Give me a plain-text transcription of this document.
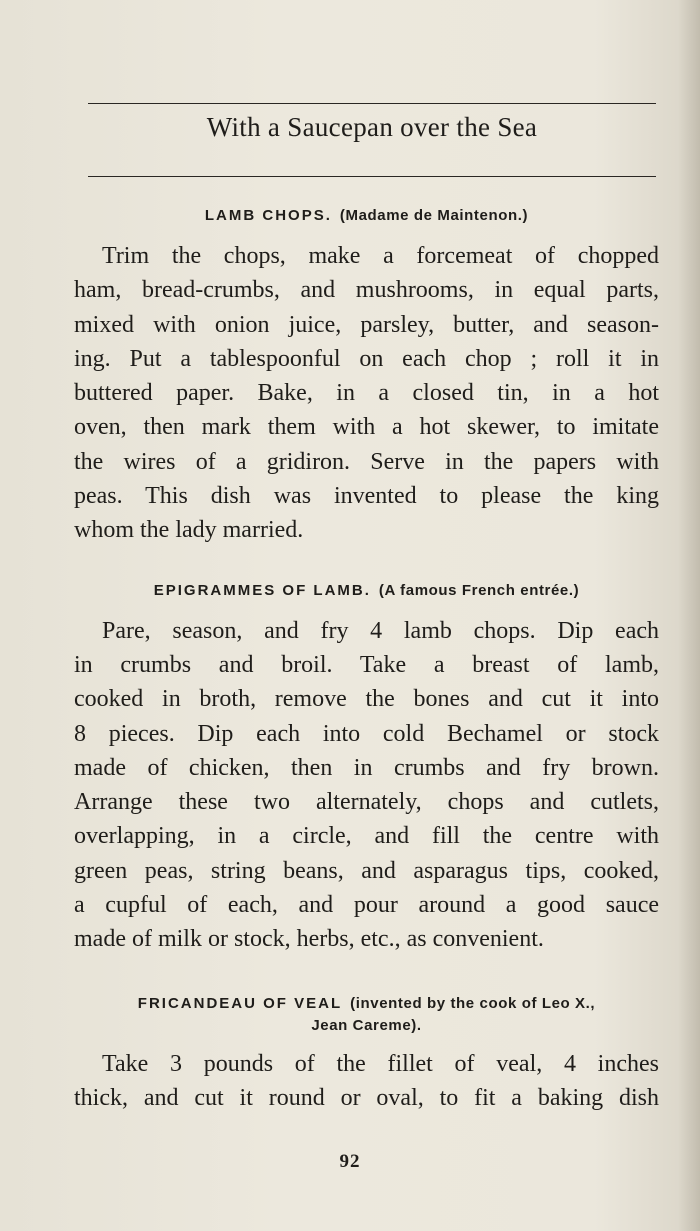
With a Saucepan over the Sea

LAMB CHOPS. (Madame de Maintenon.)

Trim the chops, make a forcemeat of chopped
ham, bread-crumbs, and mushrooms, in equal parts,
mixed with onion juice, parsley, butter, and season-
ing. Put a tablespoonful on each chop ; roll it in
buttered paper. Bake, in a closed tin, in a hot
oven, then mark them with a hot skewer, to imitate
the wires of a gridiron. Serve in the papers with
peas. This dish was invented to please the king
whom the lady married.

EPIGRAMMES OF LAMB. (A famous French entrée.)

Pare, season, and fry 4 lamb chops. Dip each
in crumbs and broil. Take a breast of lamb,
cooked in broth, remove the bones and cut it into
8 pieces. Dip each into cold Bechamel or stock
made of chicken, then in crumbs and fry brown.
Arrange these two alternately, chops and cutlets,
overlapping, in a circle, and fill the centre with
green peas, string beans, and asparagus tips, cooked,
a cupful of each, and pour around a good sauce
made of milk or stock, herbs, etc., as convenient.

FRICANDEAU OF VEAL (invented by the cook of Leo X.,
Jean Careme).

Take 3 pounds of the fillet of veal, 4 inches
thick, and cut it round or oval, to fit a baking dish
92
